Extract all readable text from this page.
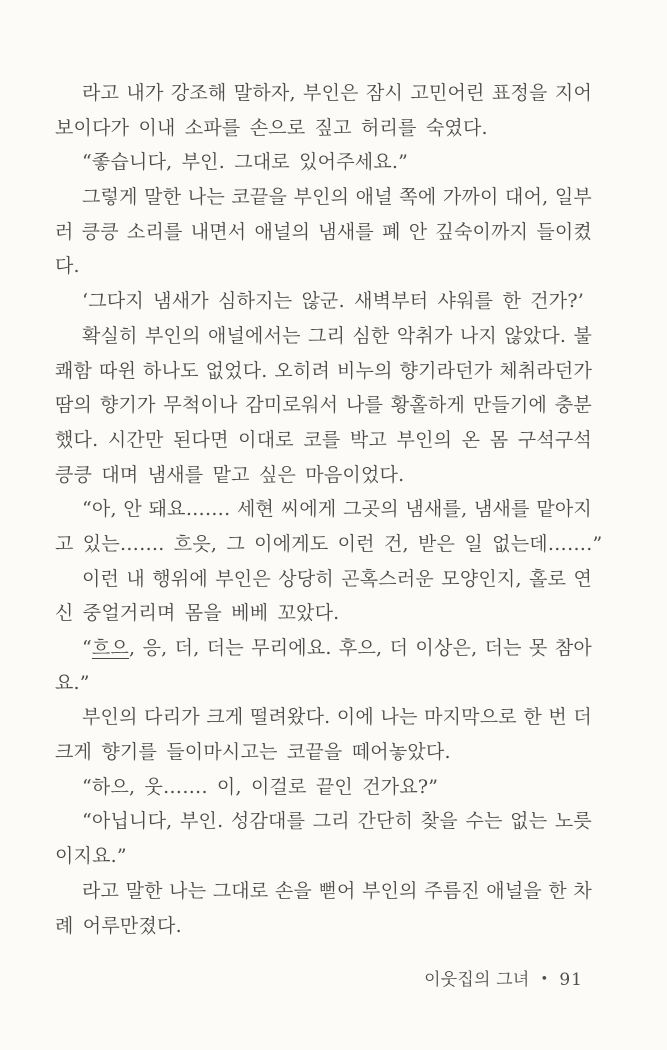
라고 내가 강조해 말하자, 부인은 잠시 고민어린 표정을 지어
보이다가 이내 소파를 손으로 짚고 허리를 숙였다.
“좋습니다, 부인. 그대로 있어주세요.”
그렇게 말한 나는 코끝을 부인의 애널 쪽에 가까이 대어, 일부
러 킁킁 소리를 내면서 애널의 냄새를 폐 안 깊숙이까지 들이켰
다.
‘그다지 냄새가 심하지는 않군. 새벽부터 샤워를 한 건가?’
확실히 부인의 애널에서는 그리 심한 악취가 나지 않았다. 불
쾌함 따윈 하나도 없었다. 오히려 비누의 향기라던가 체취라던가
땀의 향기가 무척이나 감미로워서 나를 황홀하게 만들기에 충분
했다. 시간만 된다면 이대로 코를 박고 부인의 온 몸 구석구석
킁킁 대며 냄새를 맡고 싶은 마음이었다.
“아, 안 돼요……. 세현 씨에게 그곳의 냄새를, 냄새를 맡아지
고 있는……. 흐읏, 그 이에게도 이런 건, 받은 일 없는데…….”
이런 내 행위에 부인은 상당히 곤혹스러운 모양인지, 홀로 연
신 중얼거리며 몸을 베베 꼬았다.
“흐으, 응, 더, 더는 무리에요. 후으, 더 이상은, 더는 못 참아
요.”
부인의 다리가 크게 떨려왔다. 이에 나는 마지막으로 한 번 더
크게 향기를 들이마시고는 코끝을 떼어놓았다.
“하으, 웃……. 이, 이걸로 끝인 건가요?”
“아닙니다, 부인. 성감대를 그리 간단히 찾을 수는 없는 노릇
이지요.”
라고 말한 나는 그대로 손을 뻗어 부인의 주름진 애널을 한 차
례 어루만졌다.
이웃집의 그녀 • 91
